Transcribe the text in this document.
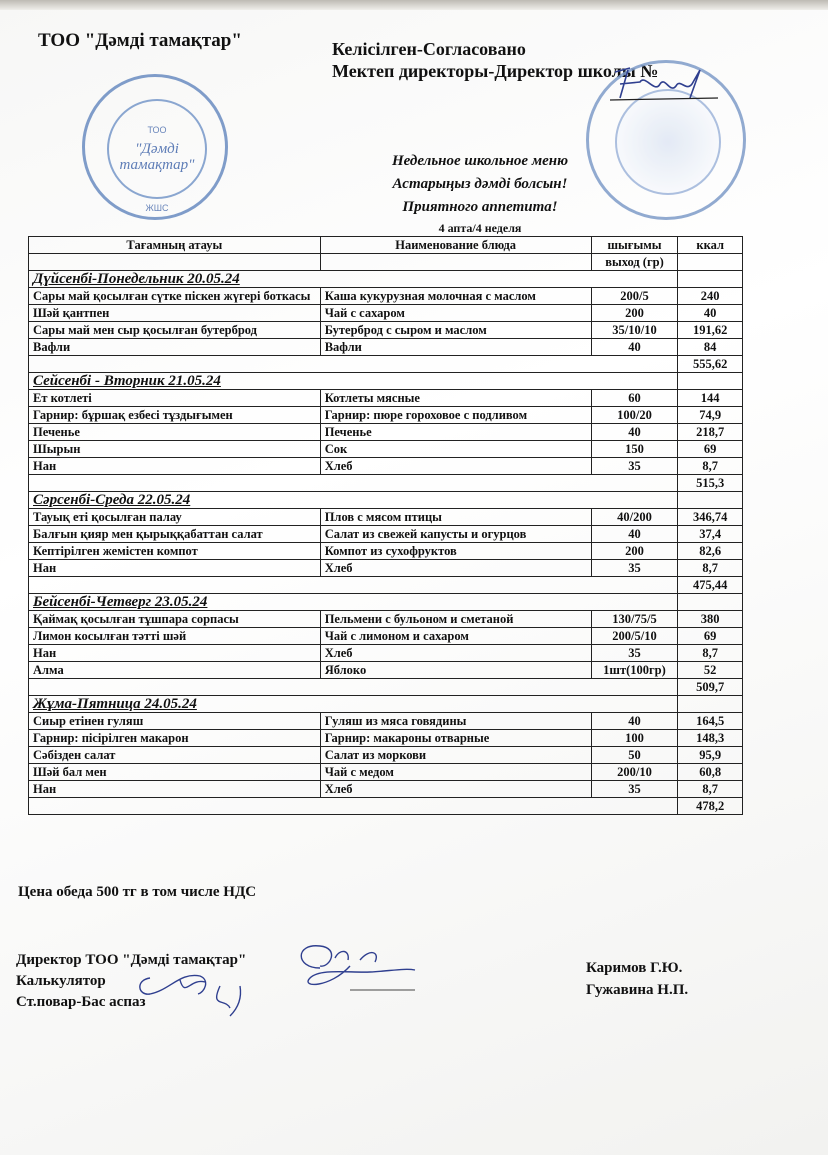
ТОО "Дәмді тамақтар"	Келісілген-Согласовано
Мектеп директоры-Директор школы №
ТОО
"Дәмді
тамақтар"
ЖШС
Недельное школьное меню
Астарыңыз дәмді болсын!
Приятного аппетита!
4 апта/4 неделя
Тағамның атауы	Наименование блюда	шығымы	ккал
		выход (гр)	
Дүйсенбі-Понедельник 20.05.24			
Сары май қосылған сүтке піскен жүгері боткасы	Каша кукурузная молочная с маслом	200/5	240
Шәй қантпен	Чай с сахаром	200	40
Сары май мен сыр қосылған бутерброд	Бутерброд с сыром и маслом	35/10/10	191,62
Вафли	Вафли	40	84
			555,62
Сейсенбі - Вторник 21.05.24			
Ет котлеті	Котлеты мясные	60	144
Гарнир: бұршақ езбесі тұздығымен	Гарнир: пюре гороховое с подливом	100/20	74,9
Печенье	Печенье	40	218,7
Шырын	Сок	150	69
Нан	Хлеб	35	8,7
			515,3
Сәрсенбі-Среда 22.05.24			
Тауық еті қосылған палау	Плов с мясом птицы	40/200	346,74
Балғын қияр мен қырыққабаттан салат	Салат из свежей капусты и огурцов	40	37,4
Кептірілген жемістен компот	Компот из сухофруктов	200	82,6
Нан	Хлеб	35	8,7
			475,44
Бейсенбі-Четверг 23.05.24			
Қаймақ қосылған тұшпара сорпасы	Пельмени с бульоном и сметаной	130/75/5	380
Лимон косылған тәтті шәй	Чай с лимоном и сахаром	200/5/10	69
Нан	Хлеб	35	8,7
Алма	Яблоко	1шт(100гр)	52
			509,7
Жұма-Пятница 24.05.24			
Сиыр етінен гуляш	Гуляш из мяса говядины	40	164,5
Гарнир: пісірілген макарон	Гарнир: макароны отварные	100	148,3
Сәбізден салат	Салат из моркови	50	95,9
Шәй бал мен	Чай с медом	200/10	60,8
Нан	Хлеб	35	8,7
			478,2
Цена обеда 500 тг в том числе НДС
Директор ТОО "Дәмді тамақтар"
Калькулятор
Ст.повар-Бас аспаз
Каримов Г.Ю.
Гужавина Н.П.
